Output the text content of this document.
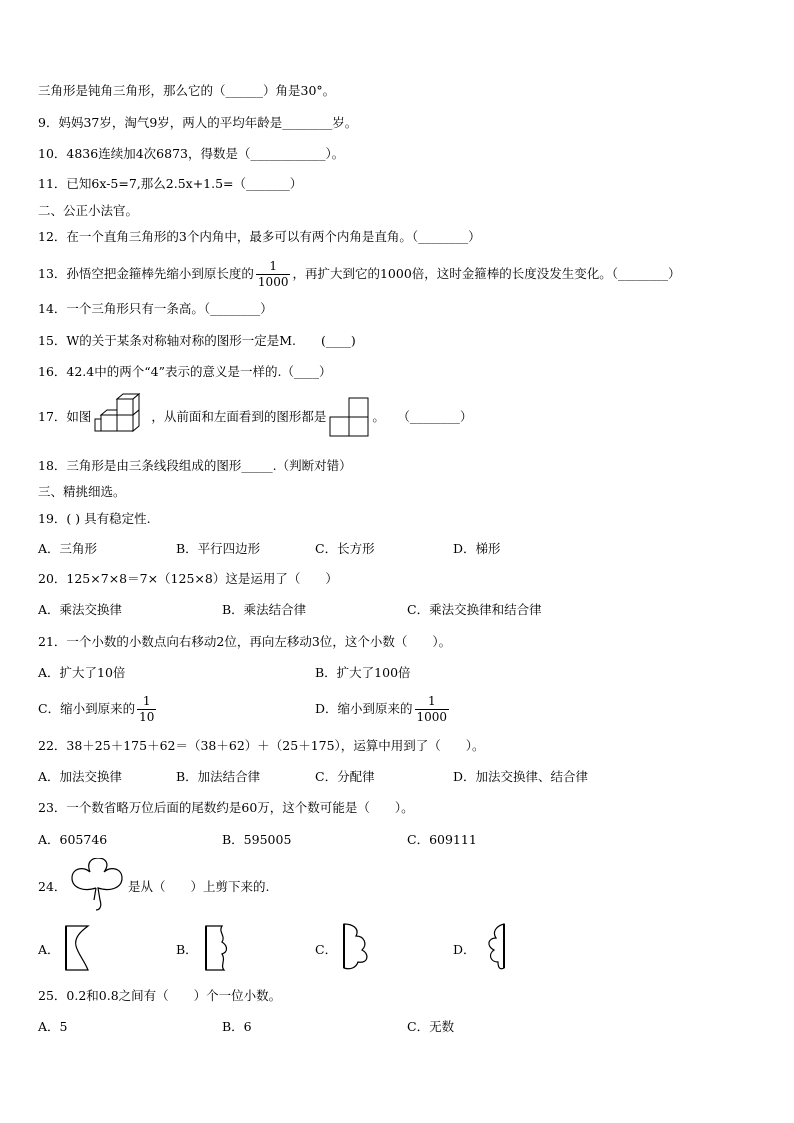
三角形是钝角三角形，那么它的（______）角是30°。
9．妈妈37岁，淘气9岁，两人的平均年龄是________岁。
10．4836连续加4次6873，得数是（____________）。
11．已知6x-5=7,那么2.5x+1.5=（_______）
二、公正小法官。
12．在一个直角三角形的3个内角中，最多可以有两个内角是直角。（________）
13．孙悟空把金箍棒先缩小到原长度的 $\frac{1}{1000}$ ，再扩大到它的1000倍，这时金箍棒的长度没发生变化。（________）
14．一个三角形只有一条高。（________）
15．W的关于某条对称轴对称的图形一定是M.　　(____)
16．42.4中的两个“4”表示的意义是一样的.（____）
17．如图	，从前面和左面看到的图形都是	。　　（________）
18．三角形是由三条线段组成的图形_____.（判断对错）
三、精挑细选。
19．( ) 具有稳定性.
A．三角形	B．平行四边形	C．长方形	D．梯形
20．125×7×8＝7×（125×8）这是运用了（　　）
A．乘法交换律	B．乘法结合律	C．乘法交换律和结合律
21．一个小数的小数点向右移动2位，再向左移动3位，这个小数（　　）。
A．扩大了10倍	B．扩大了100倍
C．缩小到原来的 $\frac{1}{10}$	D．缩小到原来的 $\frac{1}{1000}$
22．38＋25＋175＋62＝（38＋62）＋（25＋175），运算中用到了（　　）。
A．加法交换律	B．加法结合律	C．分配律	D．加法交换律、结合律
23．一个数省略万位后面的尾数约是60万，这个数可能是（　　）。
A．605746	B．595005	C．609111
24．	是从（　　）上剪下来的.
A．	B．	C．	D．
25．0.2和0.8之间有（　　）个一位小数。
A．5	B．6	C．无数
